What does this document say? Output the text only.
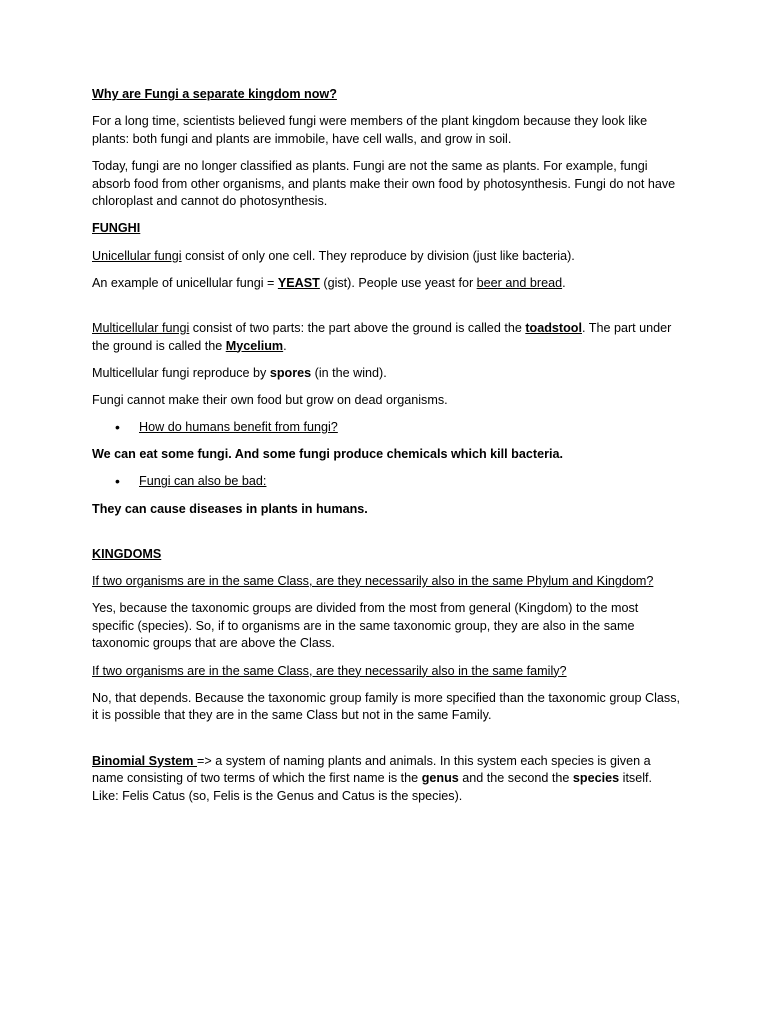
Why are Fungi a separate kingdom now?

For a long time, scientists believed fungi were members of the plant kingdom because they look like plants: both fungi and plants are immobile, have cell walls, and grow in soil.

Today, fungi are no longer classified as plants. Fungi are not the same as plants. For example, fungi absorb food from other organisms, and plants make their own food by photosynthesis. Fungi do not have chloroplast and cannot do photosynthesis.

FUNGHI

Unicellular fungi consist of only one cell. They reproduce by division (just like bacteria).

An example of unicellular fungi = YEAST (gist). People use yeast for beer and bread.

Multicellular fungi consist of two parts: the part above the ground is called the toadstool. The part under the ground is called the Mycelium.

Multicellular fungi reproduce by spores (in the wind).

Fungi cannot make their own food but grow on dead organisms.

• How do humans benefit from fungi?

We can eat some fungi. And some fungi produce chemicals which kill bacteria.

• Fungi can also be bad:

They can cause diseases in plants in humans.

KINGDOMS

If two organisms are in the same Class, are they necessarily also in the same Phylum and Kingdom?

Yes, because the taxonomic groups are divided from the most from general (Kingdom) to the most specific (species). So, if to organisms are in the same taxonomic group, they are also in the same taxonomic groups that are above the Class.

If two organisms are in the same Class, are they necessarily also in the same family?

No, that depends. Because the taxonomic group family is more specified than the taxonomic group Class, it is possible that they are in the same Class but not in the same Family.

Binomial System => a system of naming plants and animals. In this system each species is given a name consisting of two terms of which the first name is the genus and the second the species itself. Like: Felis Catus (so, Felis is the Genus and Catus is the species).
